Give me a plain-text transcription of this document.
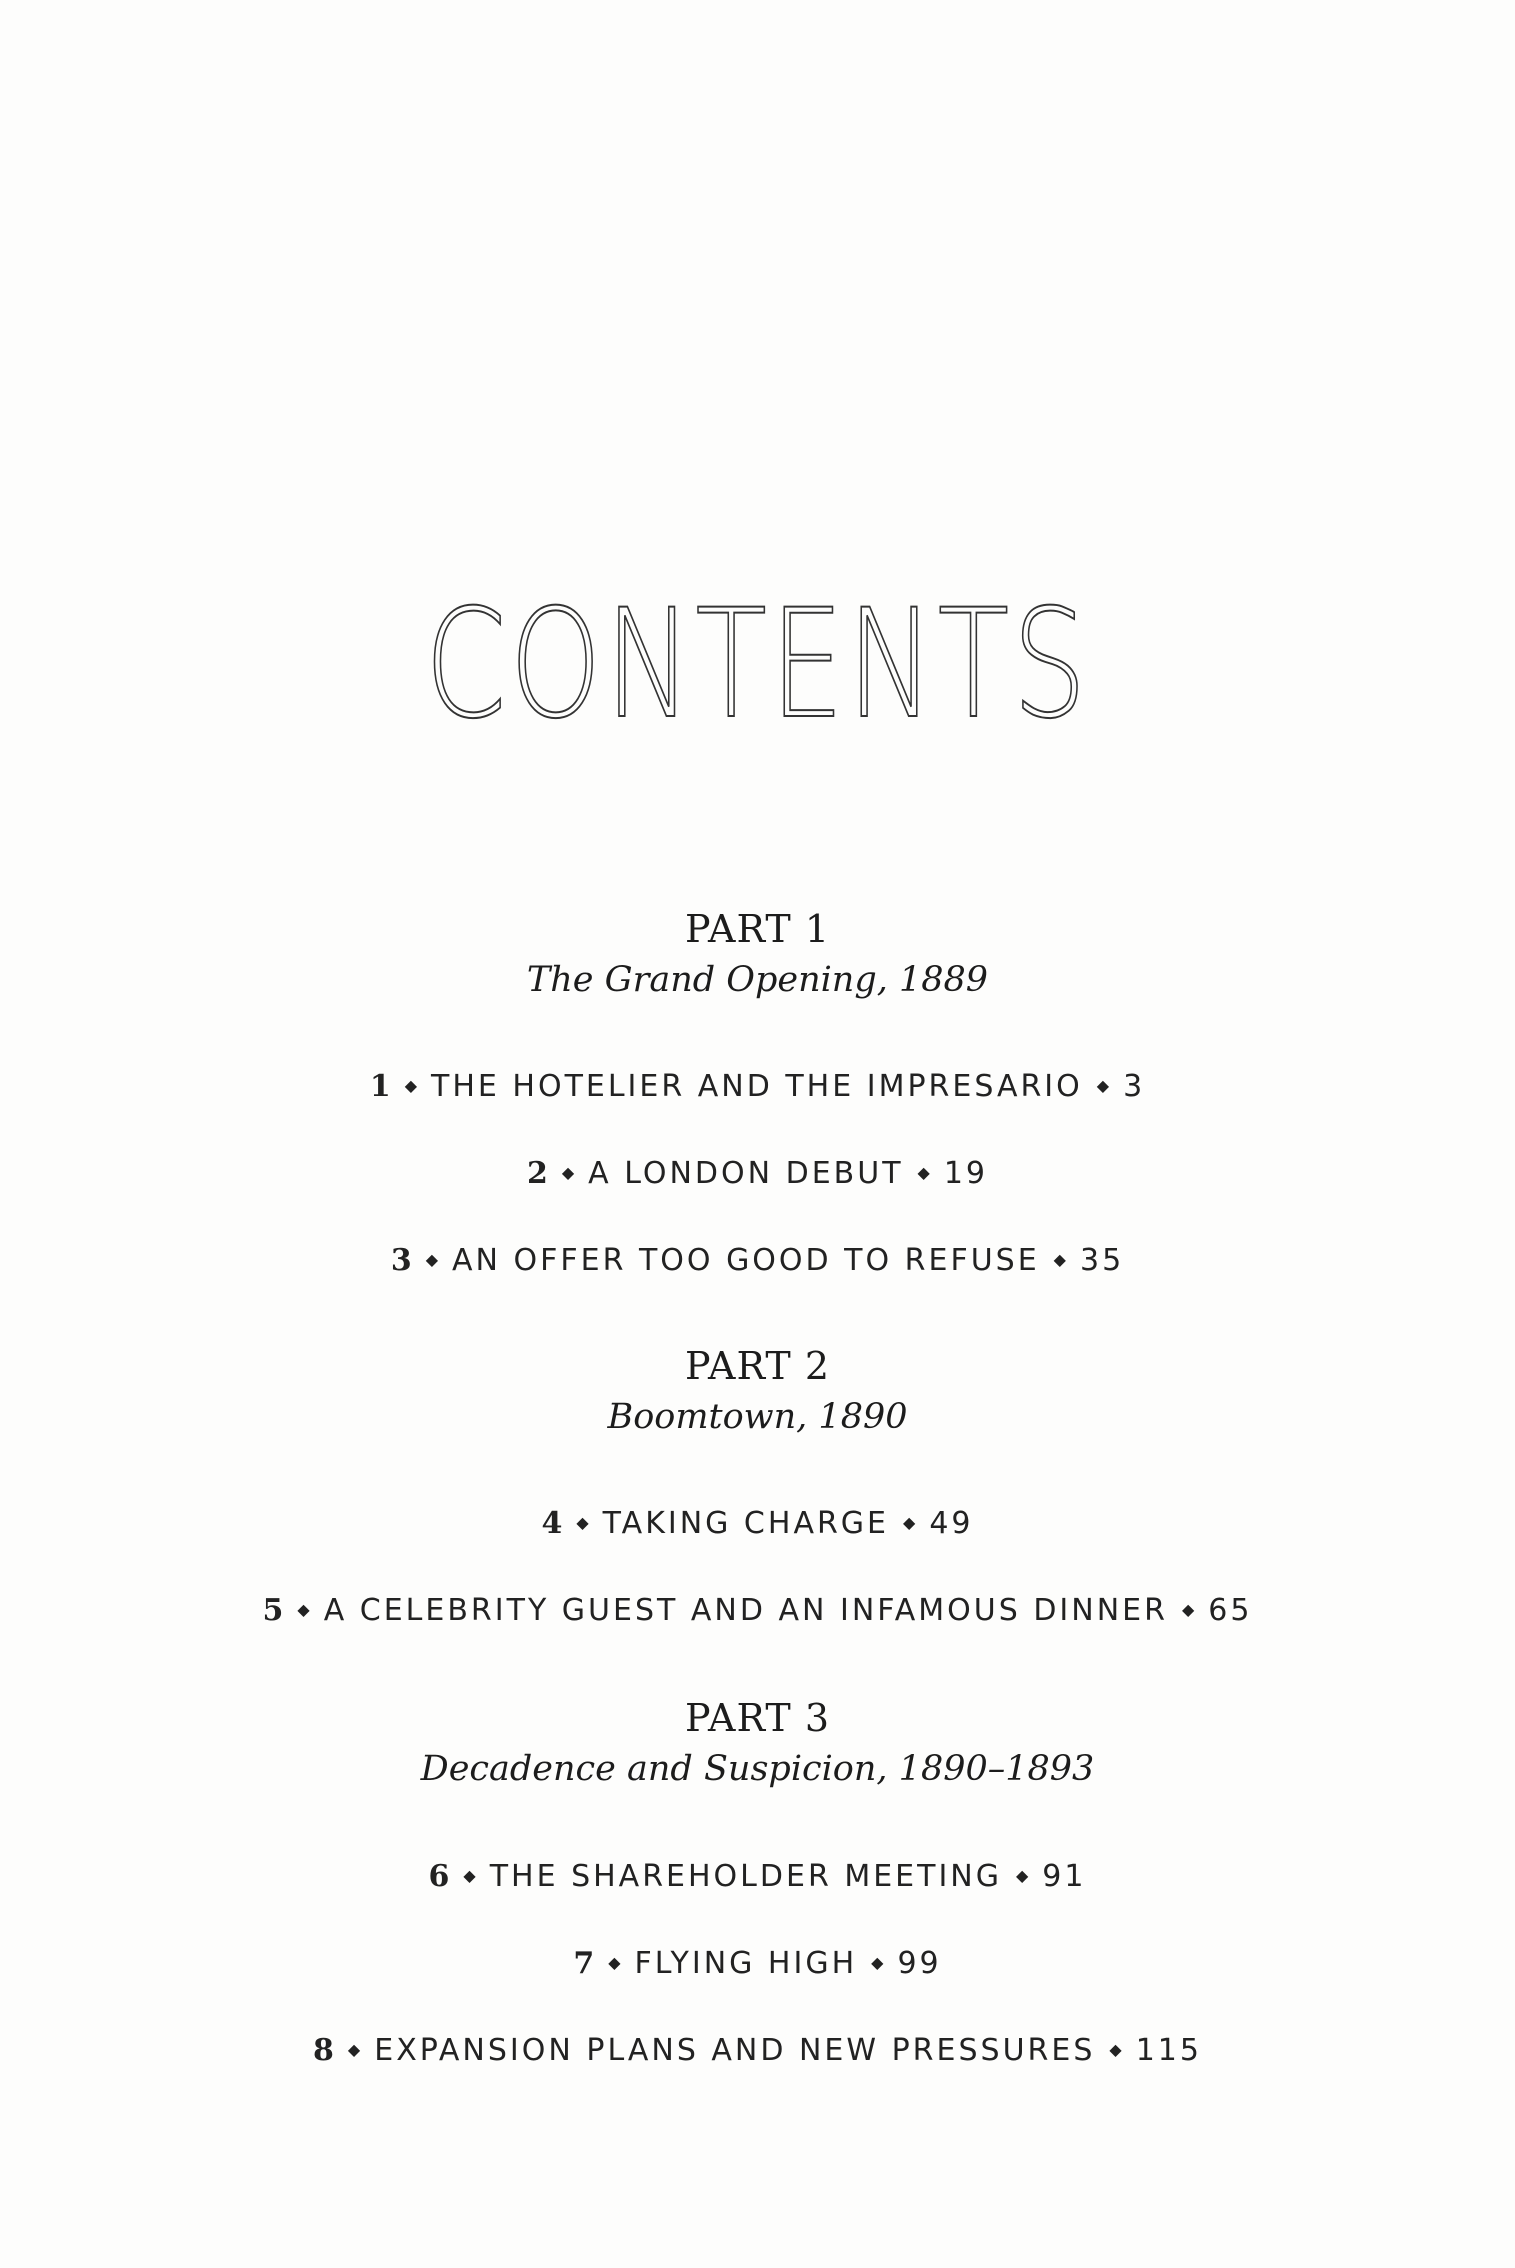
CONTENTS
PART 1
The Grand Opening, 1889
1 ◆ THE HOTELIER AND THE IMPRESARIO ◆ 3
2 ◆ A LONDON DEBUT ◆ 19
3 ◆ AN OFFER TOO GOOD TO REFUSE ◆ 35
PART 2
Boomtown, 1890
4 ◆ TAKING CHARGE ◆ 49
5 ◆ A CELEBRITY GUEST AND AN INFAMOUS DINNER ◆ 65
PART 3
Decadence and Suspicion, 1890–1893
6 ◆ THE SHAREHOLDER MEETING ◆ 91
7 ◆ FLYING HIGH ◆ 99
8 ◆ EXPANSION PLANS AND NEW PRESSURES ◆ 115
